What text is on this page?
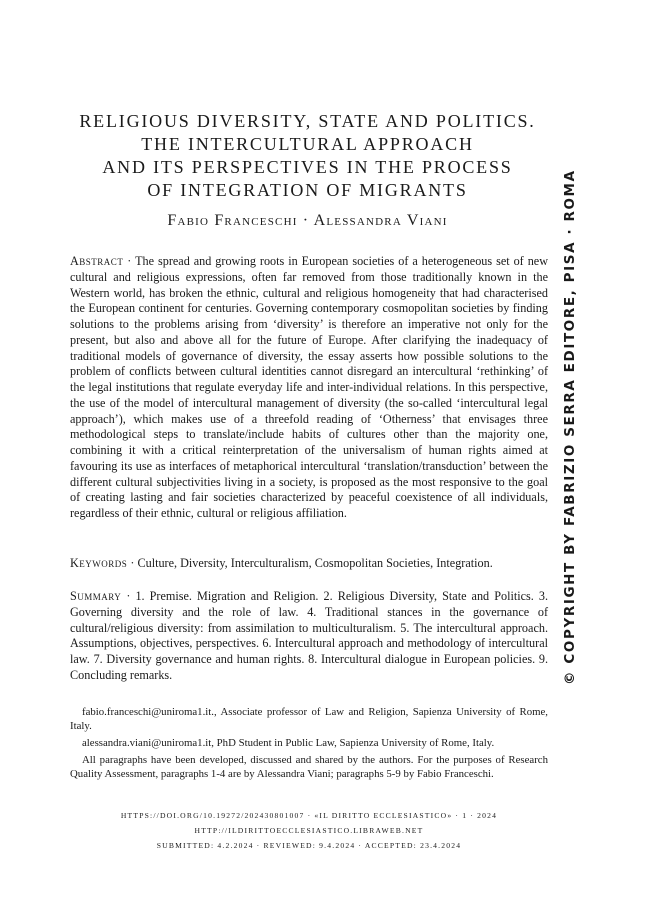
RELIGIOUS DIVERSITY, STATE AND POLITICS.
THE INTERCULTURAL APPROACH
AND ITS PERSPECTIVES IN THE PROCESS
OF INTEGRATION OF MIGRANTS
Fabio Franceschi · Alessandra Viani

Abstract · The spread and growing roots in European societies of a heterogeneous set of new cultural and religious expressions, often far removed from those traditionally known in the Western world, has broken the ethnic, cultural and religious homogeneity that had characterised the European continent for centuries. Governing contemporary cosmopolitan societies by finding solutions to the problems arising from ‘diversity’ is therefore an imperative not only for the present, but also and above all for the future of Europe. After clarifying the inadequacy of traditional models of governance of diversity, the essay asserts how possible solutions to the problem of conflicts between cultural identities cannot disregard an intercultural ‘rethinking’ of the legal institutions that regulate everyday life and inter-individual relations. In this perspective, the use of the model of intercultural management of diversity (the so-called ‘intercultural legal approach’), which makes use of a threefold reading of ‘Otherness’ that envisages three methodological steps to translate/include habits of cultures other than the majority one, combining it with a critical reinterpretation of the universalism of human rights aimed at favouring its use as interfaces of metaphorical intercultural ‘translation/transduction’ between the different cultural subjectivities living in a society, is proposed as the most responsive to the goal of creating lasting and fair societies characterized by peaceful coexistence of all individuals, regardless of their ethnic, cultural or religious affiliation.

Keywords · Culture, Diversity, Interculturalism, Cosmopolitan Societies, Integration.

Summary · 1. Premise. Migration and Religion. 2. Religious Diversity, State and Politics. 3. Governing diversity and the role of law. 4. Traditional stances in the governance of cultural/religious diversity: from assimilation to multiculturalism. 5. The intercultural approach. Assumptions, objectives, perspectives. 6. Intercultural approach and methodology of intercultural law. 7. Diversity governance and human rights. 8. Intercultural dialogue in European policies. 9. Concluding remarks.

fabio.franceschi@uniroma1.it., Associate professor of Law and Religion, Sapienza University of Rome, Italy.

alessandra.viani@uniroma1.it, PhD Student in Public Law, Sapienza University of Rome, Italy.

All paragraphs have been developed, discussed and shared by the authors. For the purposes of Research Quality Assessment, paragraphs 1-4 are by Alessandra Viani; paragraphs 5-9 by Fabio Franceschi.

HTTPS://DOI.ORG/10.19272/202430801007 · «IL DIRITTO ECCLESIASTICO» · 1 · 2024
HTTP://ILDIRITTOECCLESIASTICO.LIBRAWEB.NET
SUBMITTED: 4.2.2024 · REVIEWED: 9.4.2024 · ACCEPTED: 23.4.2024
© COPYRIGHT BY FABRIZIO SERRA EDITORE, PISA · ROMA
